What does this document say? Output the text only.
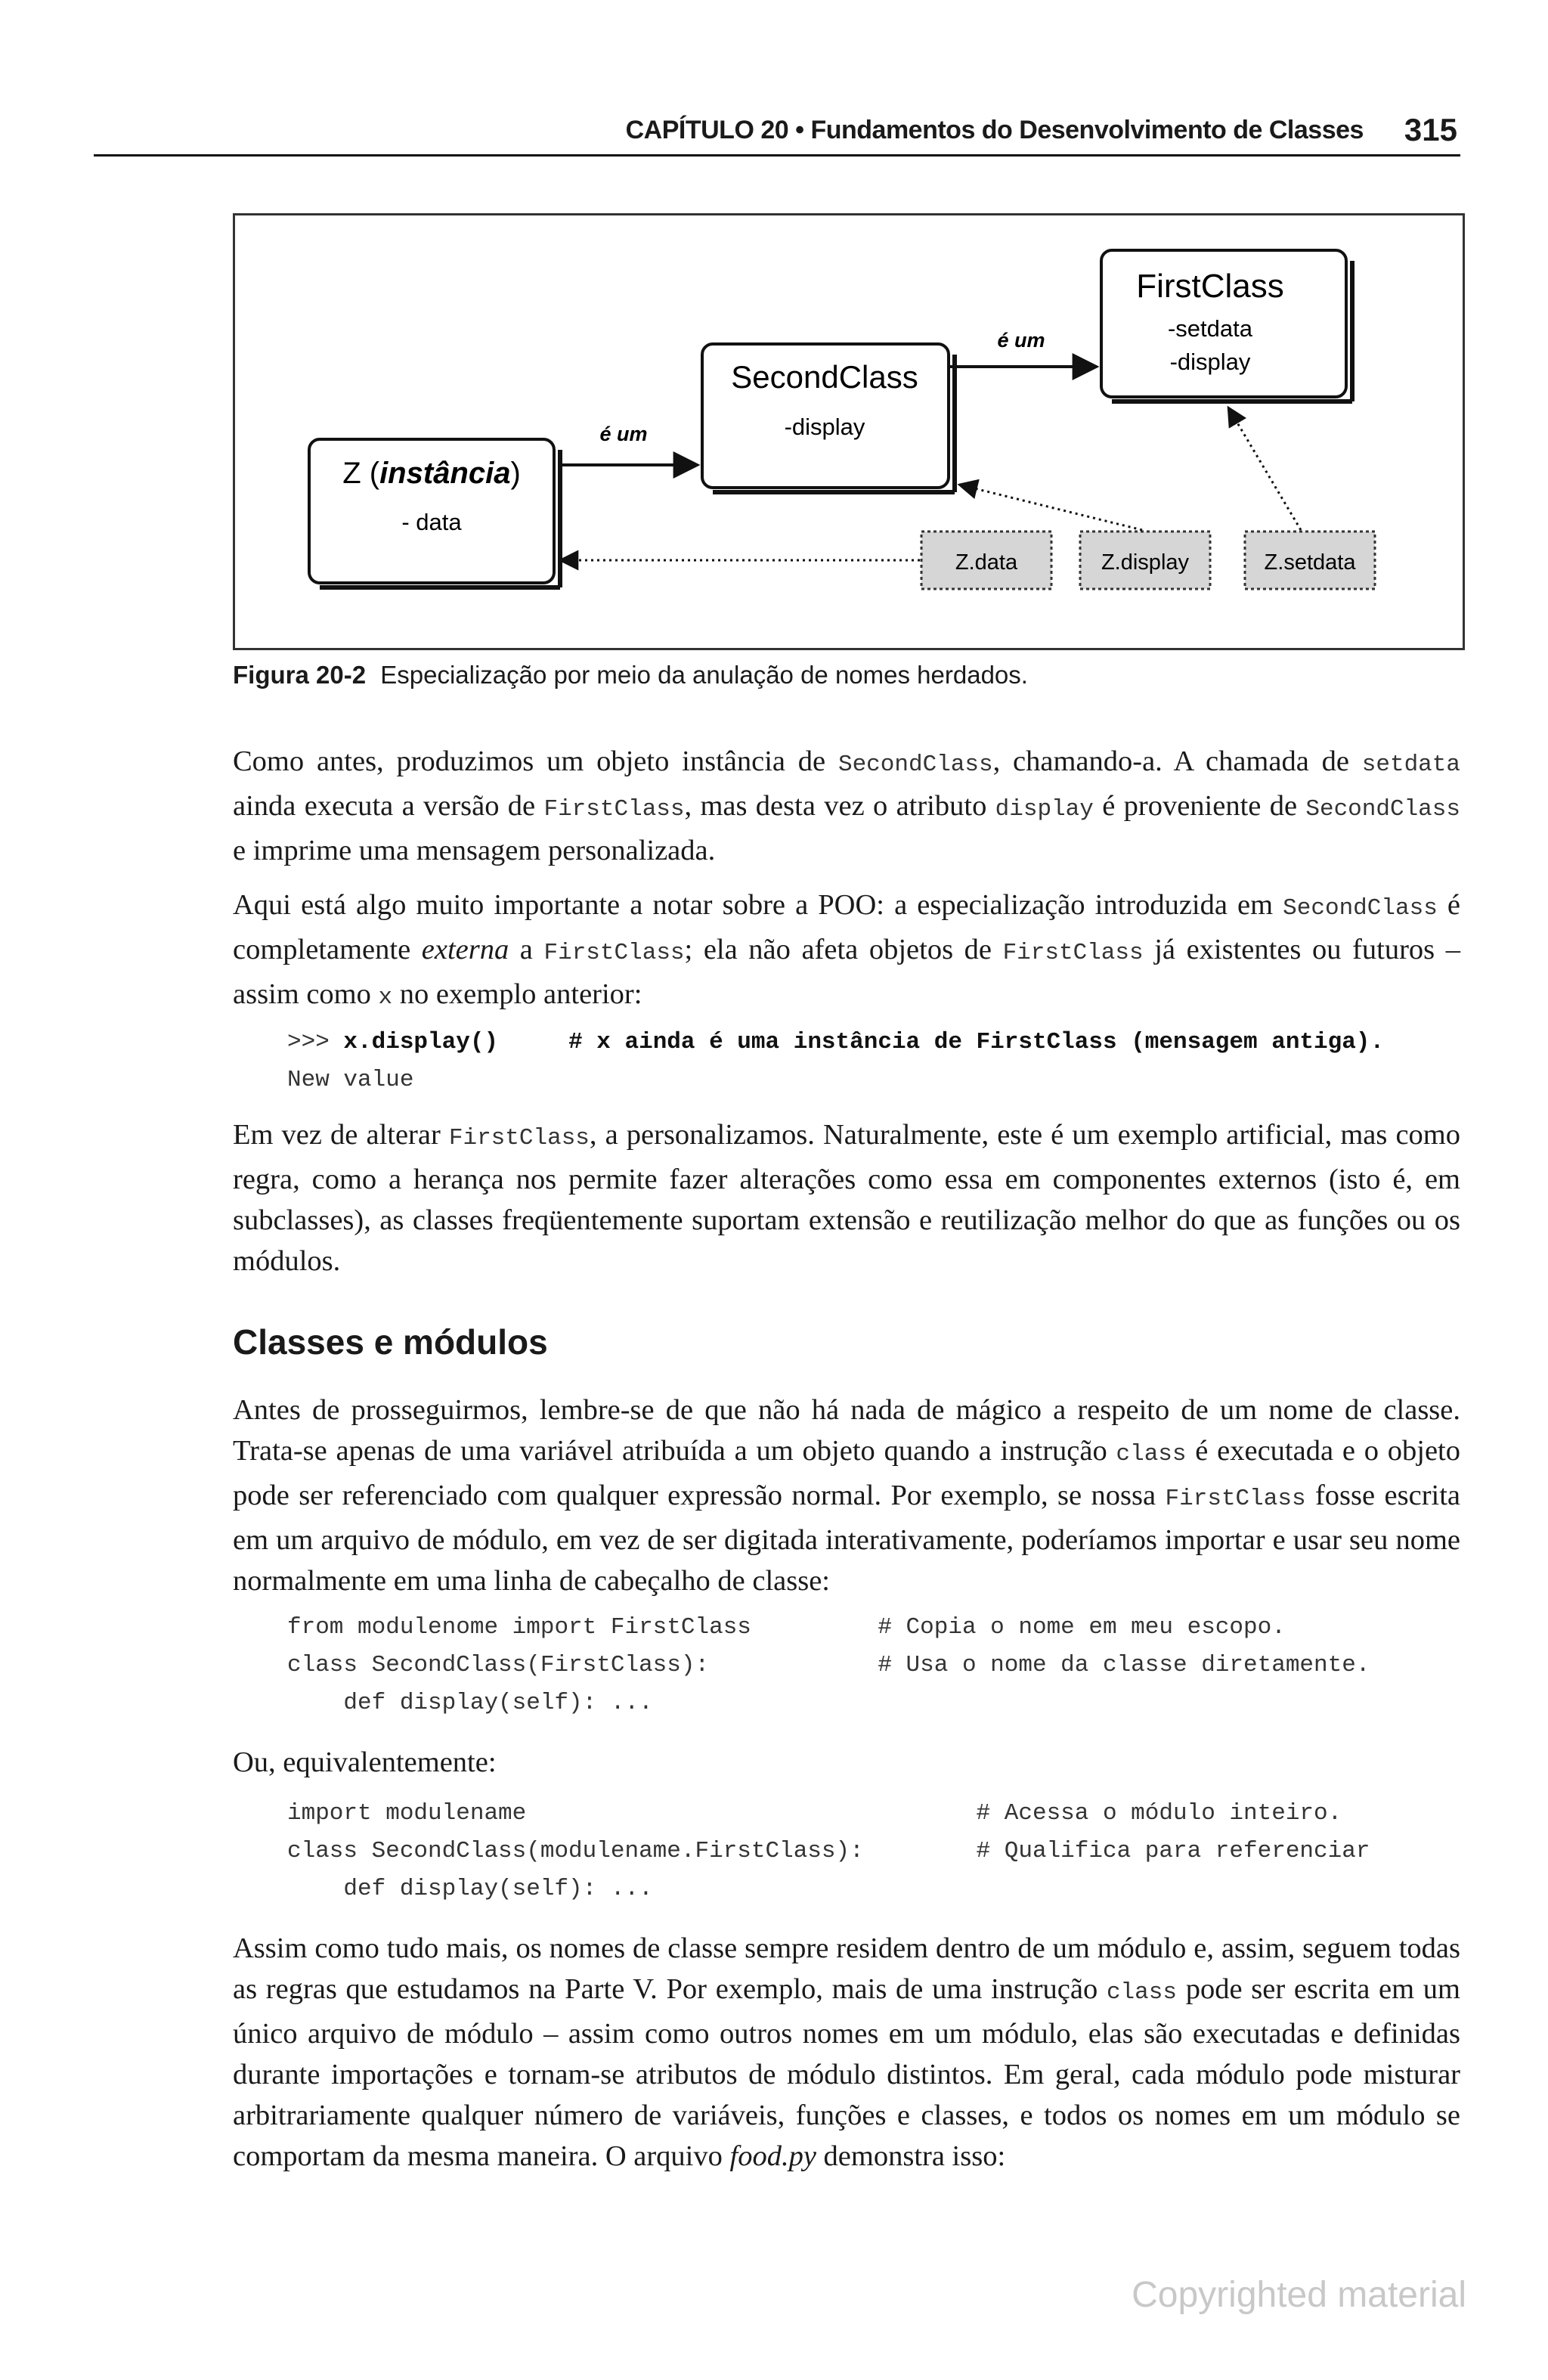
CAPÍTULO 20 • Fundamentos do Desenvolvimento de Classes 315
FirstClass
-setdata
-display
SecondClass
-display
Z (instância)
- data
é um
é um
Z.data	Z.display	Z.setdata
Figura 20-2 Especialização por meio da anulação de nomes herdados.

Como antes, produzimos um objeto instância de SecondClass, chamando-a. A chamada de setdata ainda executa a versão de FirstClass, mas desta vez o atributo display é proveniente de SecondClass e imprime uma mensagem personalizada.

Aqui está algo muito importante a notar sobre a POO: a especialização introduzida em SecondClass é completamente externa a FirstClass; ela não afeta objetos de FirstClass já existentes ou futuros – assim como x no exemplo anterior:

>>> x.display()     # x ainda é uma instância de FirstClass (mensagem antiga).
New value

Em vez de alterar FirstClass, a personalizamos. Naturalmente, este é um exemplo artificial, mas como regra, como a herança nos permite fazer alterações como essa em componentes externos (isto é, em subclasses), as classes freqüentemente suportam extensão e reutilização melhor do que as funções ou os módulos.

Classes e módulos

Antes de prosseguirmos, lembre-se de que não há nada de mágico a respeito de um nome de classe. Trata-se apenas de uma variável atribuída a um objeto quando a instrução class é executada e o objeto pode ser referenciado com qualquer expressão normal. Por exemplo, se nossa FirstClass fosse escrita em um arquivo de módulo, em vez de ser digitada interativamente, poderíamos importar e usar seu nome normalmente em uma linha de cabeçalho de classe:

from modulenome import FirstClass         # Copia o nome em meu escopo.
class SecondClass(FirstClass):            # Usa o nome da classe diretamente.
def display(self): ...

Ou, equivalentemente:

import modulename                                # Acessa o módulo inteiro.
class SecondClass(modulename.FirstClass):        # Qualifica para referenciar
def display(self): ...

Assim como tudo mais, os nomes de classe sempre residem dentro de um módulo e, assim, seguem todas as regras que estudamos na Parte V. Por exemplo, mais de uma instrução class pode ser escrita em um único arquivo de módulo – assim como outros nomes em um módulo, elas são executadas e definidas durante importações e tornam-se atributos de módulo distintos. Em geral, cada módulo pode misturar arbitrariamente qualquer número de variáveis, funções e classes, e todos os nomes em um módulo se comportam da mesma maneira. O arquivo food.py demonstra isso:

Copyrighted material
